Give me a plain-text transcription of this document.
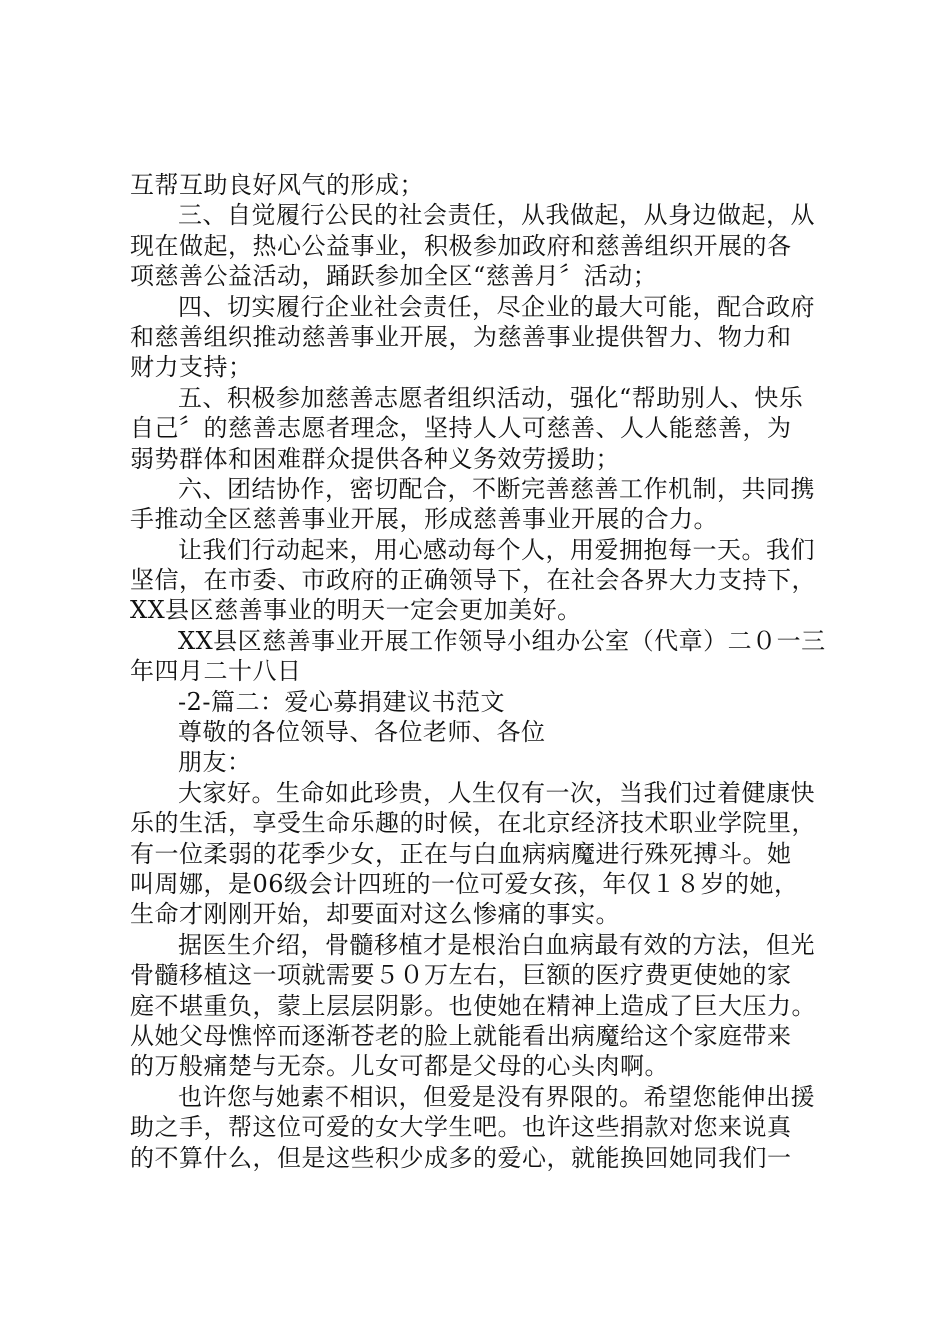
互帮互助良好风气的形成；
三、自觉履行公民的社会责任，从我做起，从身边做起，从
现在做起，热心公益事业，积极参加政府和慈善组织开展的各
项慈善公益活动，踊跃参加全区“慈善月〞活动；
四、切实履行企业社会责任，尽企业的最大可能，配合政府
和慈善组织推动慈善事业开展，为慈善事业提供智力、物力和
财力支持；
五、积极参加慈善志愿者组织活动，强化“帮助别人、快乐
自己〞的慈善志愿者理念，坚持人人可慈善、人人能慈善，为
弱势群体和困难群众提供各种义务效劳援助；
六、团结协作，密切配合，不断完善慈善工作机制，共同携
手推动全区慈善事业开展，形成慈善事业开展的合力。
让我们行动起来，用心感动每个人，用爱拥抱每一天。我们
坚信，在市委、市政府的正确领导下，在社会各界大力支持下，
XX县区慈善事业的明天一定会更加美好。
XX县区慈善事业开展工作领导小组办公室（代章）二０一三
年四月二十八日
-2-篇二：爱心募捐建议书范文
尊敬的各位领导、各位老师、各位
朋友：
大家好。生命如此珍贵，人生仅有一次，当我们过着健康快
乐的生活，享受生命乐趣的时候，在北京经济技术职业学院里，
有一位柔弱的花季少女，正在与白血病病魔进行殊死搏斗。她
叫周娜，是06级会计四班的一位可爱女孩，年仅１８岁的她，
生命才刚刚开始，却要面对这么惨痛的事实。
据医生介绍，骨髓移植才是根治白血病最有效的方法，但光
骨髓移植这一项就需要５０万左右，巨额的医疗费更使她的家
庭不堪重负，蒙上层层阴影。也使她在精神上造成了巨大压力。
从她父母憔悴而逐渐苍老的脸上就能看出病魔给这个家庭带来
的万般痛楚与无奈。儿女可都是父母的心头肉啊。
也许您与她素不相识，但爱是没有界限的。希望您能伸出援
助之手，帮这位可爱的女大学生吧。也许这些捐款对您来说真
的不算什么，但是这些积少成多的爱心，就能换回她同我们一
